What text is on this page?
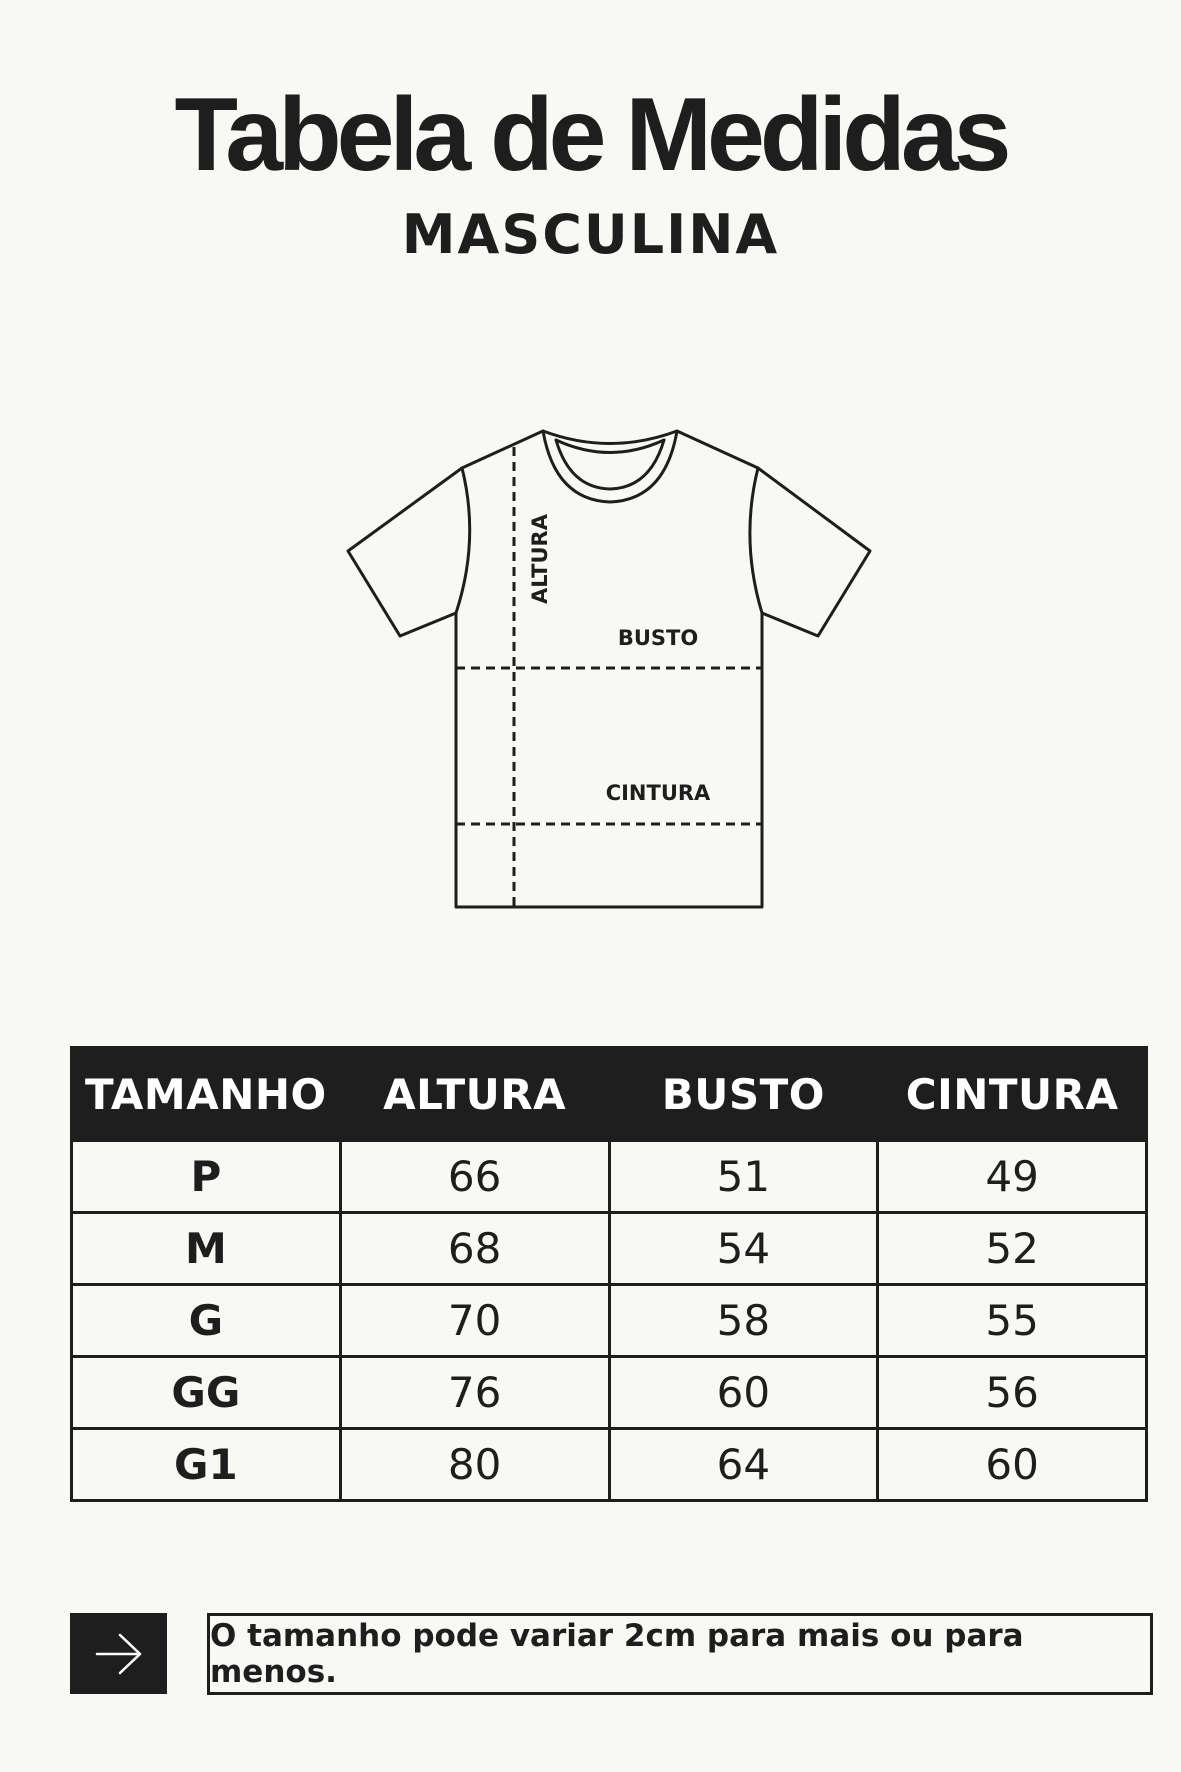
Tabela de Medidas
MASCULINA
ALTURA
BUSTO
CINTURA
TAMANHO	ALTURA	BUSTO	CINTURA
P	66	51	49
M	68	54	52
G	70	58	55
GG	76	60	56
G1	80	64	60
O tamanho pode variar 2cm para mais ou para menos.
